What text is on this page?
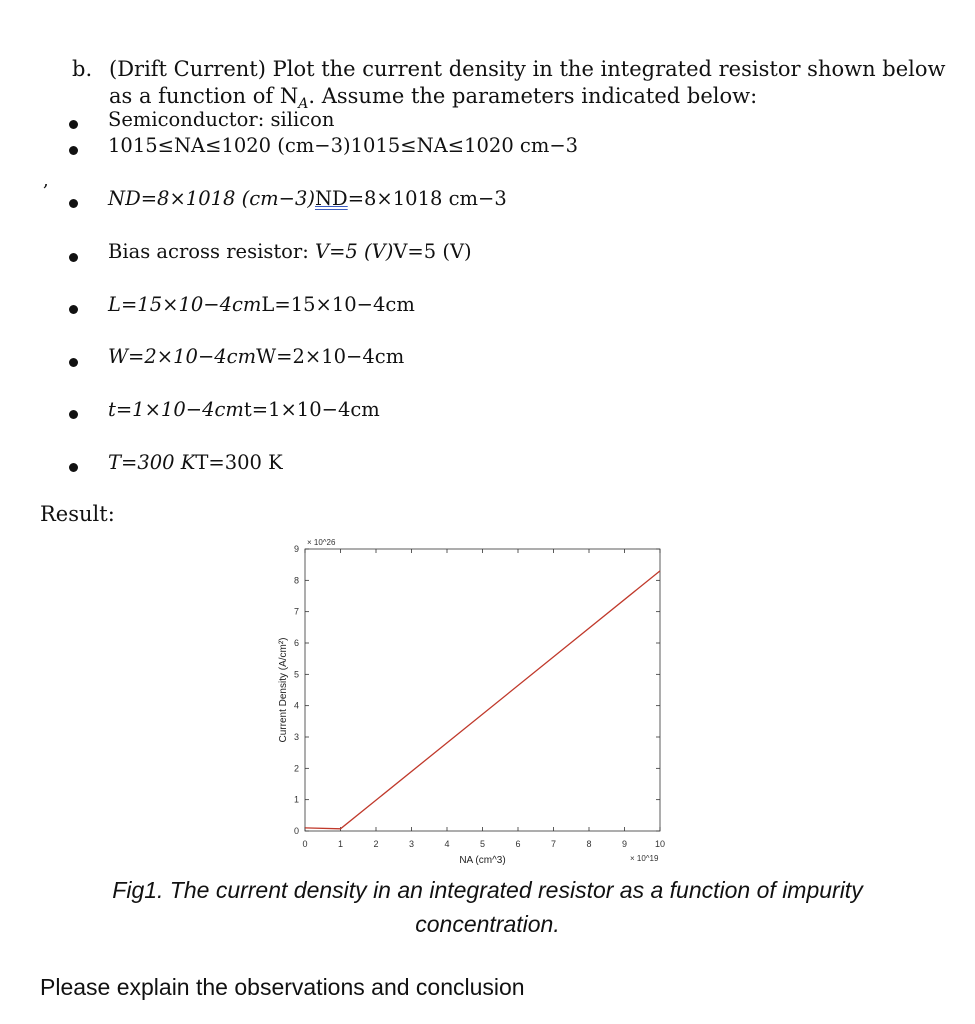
b. (Drift Current) Plot the current density in the integrated resistor shown below as a function of $N_A$. Assume the parameters indicated below:
Semiconductor: silicon
1015≤NA≤1020 (cm−3)1015≤NA≤1020 cm−3
,
ND=8×1018 (cm−3)ND=8×1018 cm−3
Bias across resistor: V=5 (V)V=5 (V)
L=15×10−4cmL=15×10−4cm
W=2×10−4cmW=2×10−4cm
t=1×10−4cmt=1×10−4cm
T=300 KT=300 K
Result:
0	1	2	3	4	5	6	7	8	9	10
0
1
2
3
4
5
6
7
8
9
NA (cm^3)
Current Density (A/cm²)
× 10^19
× 10^26
Fig1. The current density in an integrated resistor as a function of impurity
concentration.
Please explain the observations and conclusion
